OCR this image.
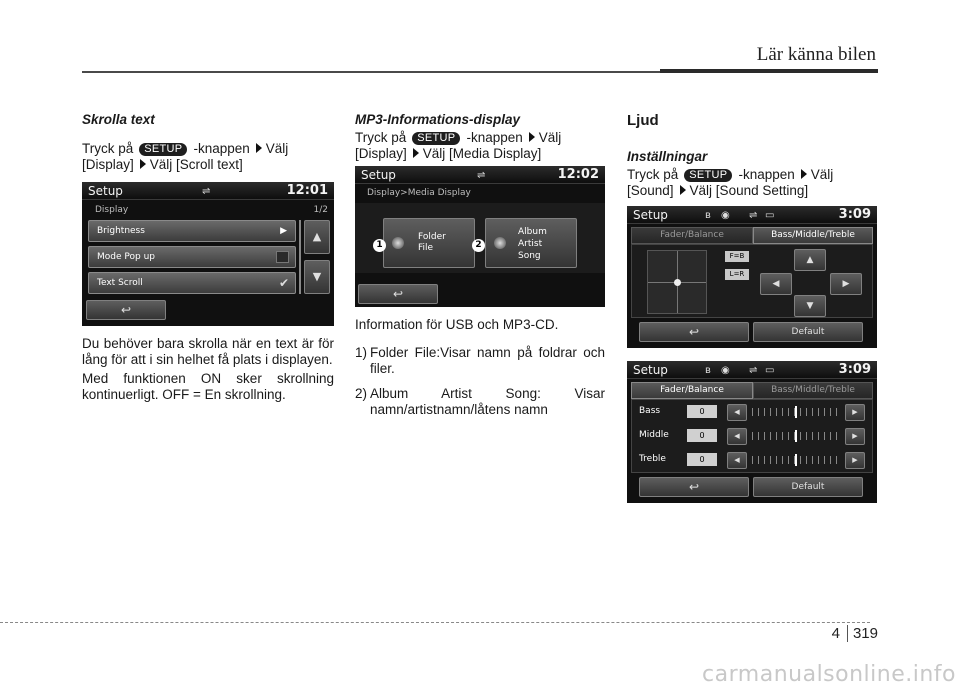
Lär känna bilen
Skrolla text
Tryck på SETUP -knappen Välj
[Display] Välj [Scroll text]
Setup	⇌	12:01
Display	1/2
Brightness	▶
Mode Pop up
Text Scroll	✔
▲
▼
↩

Du behöver bara skrolla när en text är för lång för att i sin helhet få plats i displayen.

Med funktionen ON sker skrollning kontinuerligt. OFF = En skrollning.

MP3-Informations-display
Tryck på SETUP -knappen Välj
[Display] Välj [Media Display]
Setup	⇌	12:02
Display>Media Display
Folder
File
Album
Artist
Song
1	2
↩

Information för USB och MP3-CD.

1) Folder File:Visar namn på foldrar och filer.
2) Album Artist Song: Visar namn/artistnamn/låtens namn
Ljud
Inställningar
Tryck på SETUP -knappen Välj
[Sound] Välj [Sound Setting]
Setup	ʙ ◉ ⇌ ▭	3:09
Fader/Balance	Bass/Middle/Treble
F=B
L=R
▲
◀	▶
▼
↩	Default
Setup	ʙ ◉ ⇌ ▭	3:09
Fader/Balance	Bass/Middle/Treble
Bass	0	◀	▶
Middle	0	◀	▶
Treble	0	◀	▶
↩	Default
4 319
carmanualsonline.info
